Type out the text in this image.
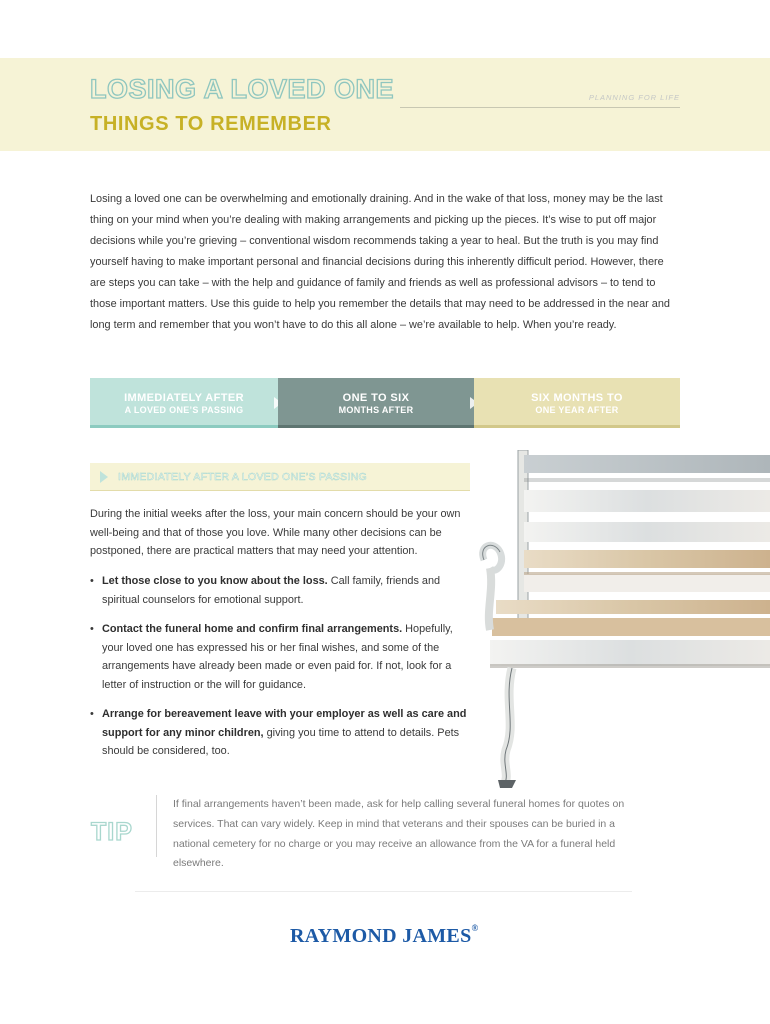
LOSING A LOVED ONE	PLANNING FOR LIFE
THINGS TO REMEMBER

Losing a loved one can be overwhelming and emotionally draining. And in the wake of that loss, money may be the last thing on your mind when you’re dealing with making arrangements and picking up the pieces. It’s wise to put off major decisions while you’re grieving – conventional wisdom recommends taking a year to heal. But the truth is you may find yourself having to make important personal and financial decisions during this inherently difficult period. However, there are steps you can take – with the help and guidance of family and friends as well as professional advisors – to tend to those important matters. Use this guide to help you remember the details that may need to be addressed in the near and long term and remember that you won’t have to do this all alone – we’re available to help. When you’re ready.

IMMEDIATELY AFTER
A LOVED ONE’S PASSING
ONE TO SIX
MONTHS AFTER
SIX MONTHS TO
ONE YEAR AFTER
IMMEDIATELY AFTER A LOVED ONE’S PASSING

During the initial weeks after the loss, your main concern should be your own well-being and that of those you love. While many other decisions can be postponed, there are practical matters that may need your attention.

• Let those close to you know about the loss. Call family, friends and spiritual counselors for emotional support.
• Contact the funeral home and confirm final arrangements. Hopefully, your loved one has expressed his or her final wishes, and some of the arrangements have already been made or even paid for. If not, look for a letter of instruction or the will for guidance.
• Arrange for bereavement leave with your employer as well as care and support for any minor children, giving you time to attend to details. Pets should be considered, too.
TIP

If final arrangements haven’t been made, ask for help calling several funeral homes for quotes on services. That can vary widely. Keep in mind that veterans and their spouses can be buried in a national cemetery for no charge or you may receive an allowance from the VA for a funeral held elsewhere.

RAYMOND JAMES®
